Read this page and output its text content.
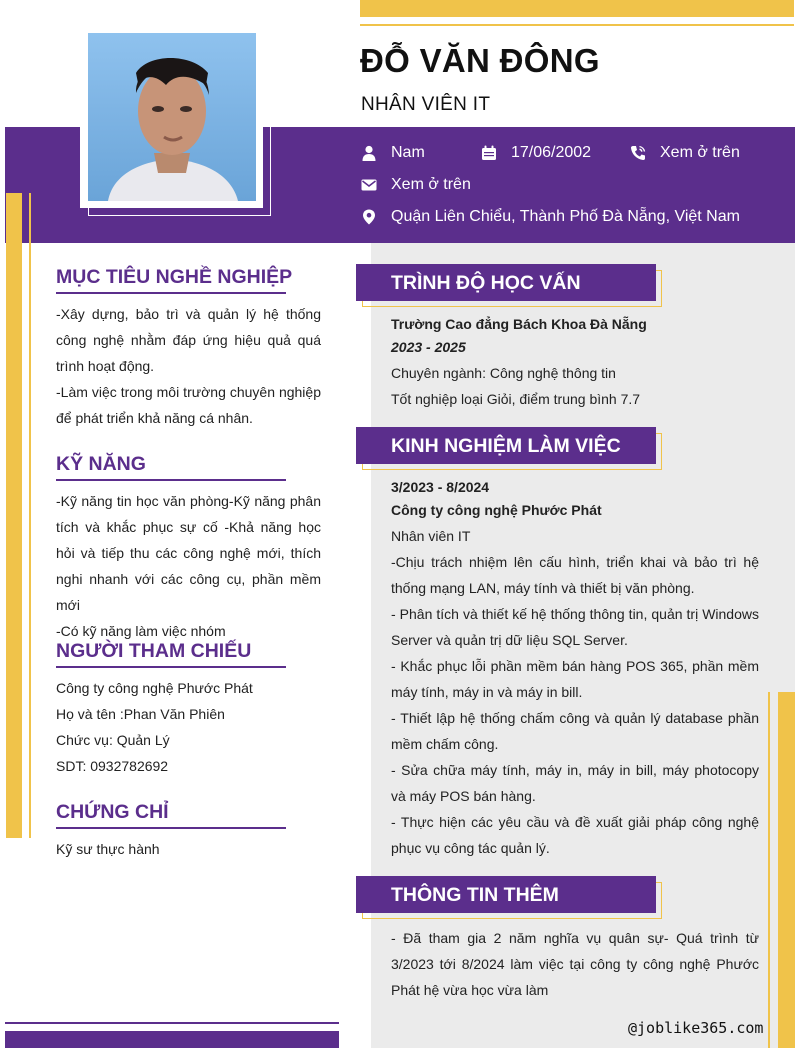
ĐỖ VĂN ĐÔNG
NHÂN VIÊN IT
Nam	17/06/2002	Xem ở trên
Xem ở trên
Quận Liên Chiểu, Thành Phố Đà Nẵng, Việt Nam
MỤC TIÊU NGHỀ NGHIỆP
-Xây dựng, bảo trì và quản lý hệ thống công nghệ nhằm đáp ứng hiệu quả quá trình hoạt động.
-Làm việc trong môi trường chuyên nghiệp để phát triển khả năng cá nhân.
KỸ NĂNG
-Kỹ năng tin học văn phòng-Kỹ năng phân tích và khắc phục sự cố -Khả năng học hỏi và tiếp thu các công nghệ mới, thích nghi nhanh với các công cụ, phần mềm mới
-Có kỹ năng làm việc nhóm
NGƯỜI THAM CHIẾU
Công ty công nghệ Phước Phát
Họ và tên :Phan Văn Phiên
Chức vụ: Quản Lý
SDT: 0932782692
CHỨNG CHỈ
Kỹ sư thực hành
TRÌNH ĐỘ HỌC VẤN
Trường Cao đẳng Bách Khoa Đà Nẵng
2023 - 2025
Chuyên ngành: Công nghệ thông tin
Tốt nghiệp loại Giỏi, điểm trung bình 7.7
KINH NGHIỆM LÀM VIỆC
3/2023 - 8/2024
Công ty công nghệ Phước Phát
Nhân viên IT
-Chịu trách nhiệm lên cấu hình, triển khai và bảo trì hệ thống mạng LAN, máy tính và thiết bị văn phòng.
- Phân tích và thiết kế hệ thống thông tin, quản trị Windows Server và quản trị dữ liệu SQL Server.
- Khắc phục lỗi phần mềm bán hàng POS 365, phần mềm máy tính, máy in và máy in bill.
- Thiết lập hệ thống chấm công và quản lý database phần mềm chấm công.
- Sửa chữa máy tính, máy in, máy in bill, máy photocopy và máy POS bán hàng.
- Thực hiện các yêu cầu và đề xuất giải pháp công nghệ phục vụ công tác quản lý.
THÔNG TIN THÊM
- Đã tham gia 2 năm nghĩa vụ quân sự- Quá trình từ 3/2023 tới 8/2024 làm việc tại công ty công nghệ Phước Phát hệ vừa học vừa làm
@joblike365.com
